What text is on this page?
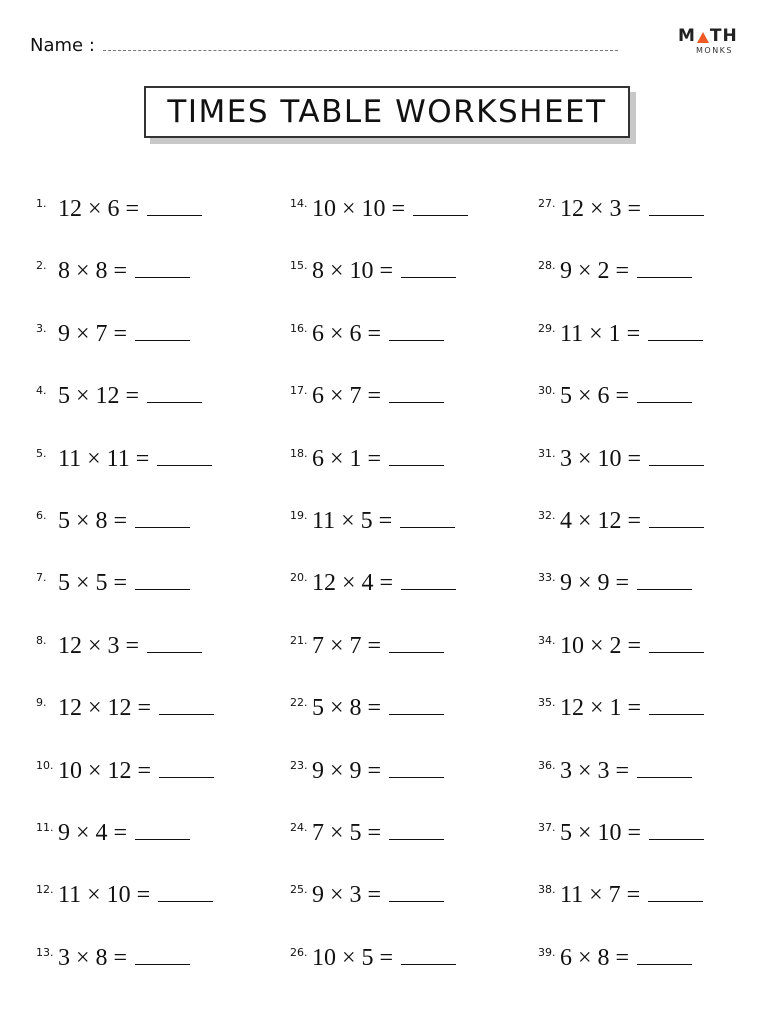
Name :	M TH
MONKS
TIMES TABLE WORKSHEET
1. 12 × 6 =
2. 8 × 8 =
3. 9 × 7 =
4. 5 × 12 =
5. 11 × 11 =
6. 5 × 8 =
7. 5 × 5 =
8. 12 × 3 =
9. 12 × 12 =
10. 10 × 12 =
11. 9 × 4 =
12. 11 × 10 =
13. 3 × 8 =
14. 10 × 10 =
15. 8 × 10 =
16. 6 × 6 =
17. 6 × 7 =
18. 6 × 1 =
19. 11 × 5 =
20. 12 × 4 =
21. 7 × 7 =
22. 5 × 8 =
23. 9 × 9 =
24. 7 × 5 =
25. 9 × 3 =
26. 10 × 5 =
27. 12 × 3 =
28. 9 × 2 =
29. 11 × 1 =
30. 5 × 6 =
31. 3 × 10 =
32. 4 × 12 =
33. 9 × 9 =
34. 10 × 2 =
35. 12 × 1 =
36. 3 × 3 =
37. 5 × 10 =
38. 11 × 7 =
39. 6 × 8 =
